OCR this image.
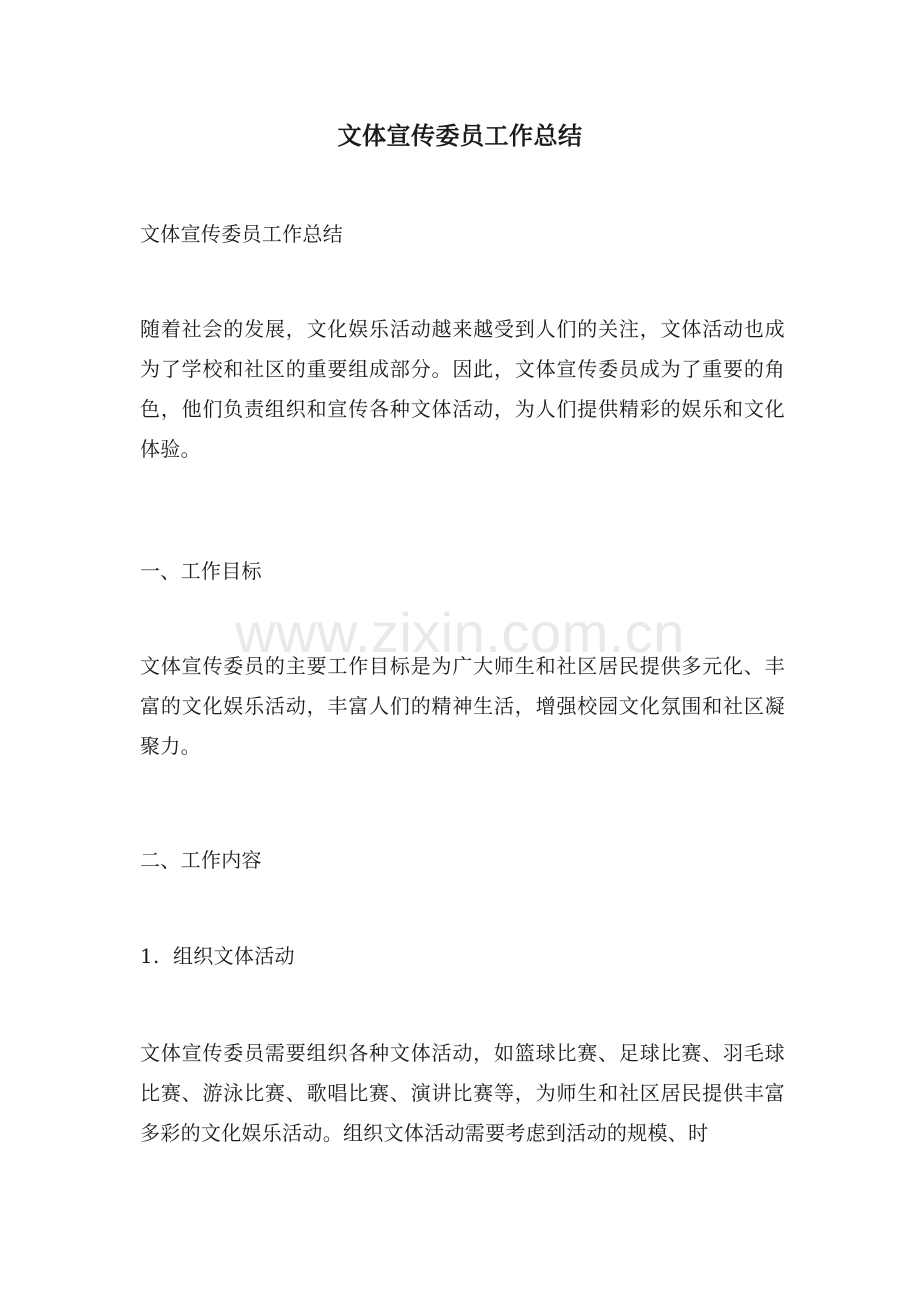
文体宣传委员工作总结
文体宣传委员工作总结
随着社会的发展，文化娱乐活动越来越受到人们的关注，文体活动也成为了学校和社区的重要组成部分。因此，文体宣传委员成为了重要的角色，他们负责组织和宣传各种文体活动，为人们提供精彩的娱乐和文化体验。
一、工作目标
文体宣传委员的主要工作目标是为广大师生和社区居民提供多元化、丰富的文化娱乐活动，丰富人们的精神生活，增强校园文化氛围和社区凝聚力。
二、工作内容
1.  组织文体活动
文体宣传委员需要组织各种文体活动，如篮球比赛、足球比赛、羽毛球比赛、游泳比赛、歌唱比赛、演讲比赛等，为师生和社区居民提供丰富多彩的文化娱乐活动。组织文体活动需要考虑到活动的规模、时
www.zixin.com.cn
